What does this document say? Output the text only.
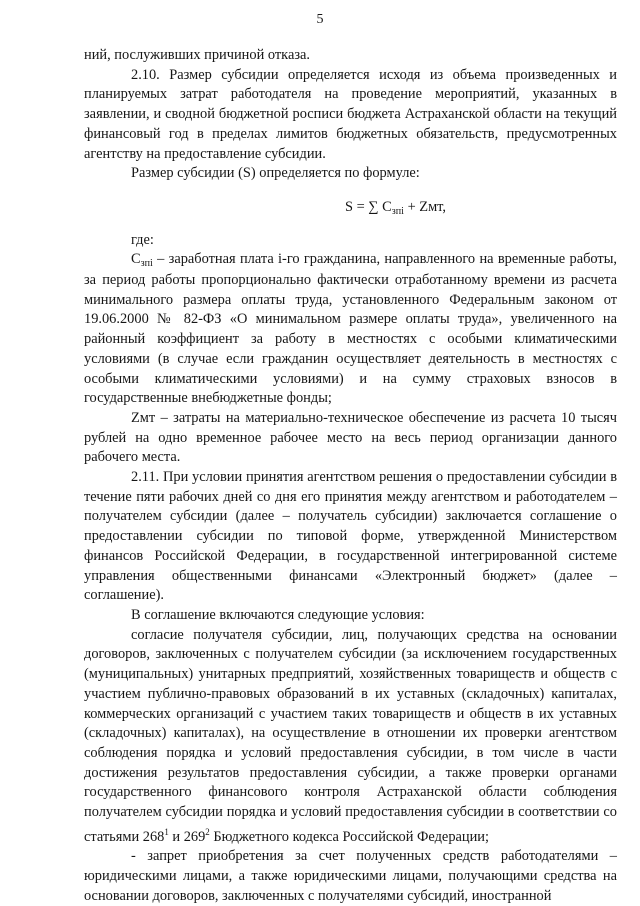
5

ний, послуживших причиной отказа.

2.10. Размер субсидии определяется исходя из объема произведенных и планируемых затрат работодателя на проведение мероприятий, указанных в заявлении, и сводной бюджетной росписи бюджета Астраханской области на текущий финансовый год в пределах лимитов бюджетных обязательств, предусмотренных агентству на предоставление субсидии.

Размер субсидии (S) определяется по формуле:

S = ∑ $C_{зпi}$ + Zмт,

где:

$C_{зпi}$ – заработная плата i-го гражданина, направленного на временные работы, за период работы пропорционально фактически отработанному времени из расчета минимального размера оплаты труда, установленного Федеральным законом от 19.06.2000 № 82-ФЗ «О минимальном размере оплаты труда», увеличенного на районный коэффициент за работу в местностях с особыми климатическими условиями (в случае если гражданин осуществляет деятельность в местностях с особыми климатическими условиями) и на сумму страховых взносов в государственные внебюджетные фонды;

Zмт – затраты на материально-техническое обеспечение из расчета 10 тысяч рублей на одно временное рабочее место на весь период организации данного рабочего места.

2.11. При условии принятия агентством решения о предоставлении субсидии в течение пяти рабочих дней со дня его принятия между агентством и работодателем – получателем субсидии (далее – получатель субсидии) заключается соглашение о предоставлении субсидии по типовой форме, утвержденной Министерством финансов Российской Федерации, в государственной интегрированной системе управления общественными финансами «Электронный бюджет» (далее – соглашение).

В соглашение включаются следующие условия:

согласие получателя субсидии, лиц, получающих средства на основании договоров, заключенных с получателем субсидии (за исключением государственных (муниципальных) унитарных предприятий, хозяйственных товариществ и обществ с участием публично-правовых образований в их уставных (складочных) капиталах, коммерческих организаций с участием таких товариществ и обществ в их уставных (складочных) капиталах), на осуществление в отношении их проверки агентством соблюдения порядка и условий предоставления субсидии, в том числе в части достижения результатов предоставления субсидии, а также проверки органами государственного финансового контроля Астраханской области соблюдения получателем субсидии порядка и условий предоставления субсидии в соответствии со статьями $268^1$ и $269^2$ Бюджетного кодекса Российской Федерации;

- запрет приобретения за счет полученных средств работодателями – юридическими лицами, а также юридическими лицами, получающими средства на основании договоров, заключенных с получателями субсидий, иностранной
